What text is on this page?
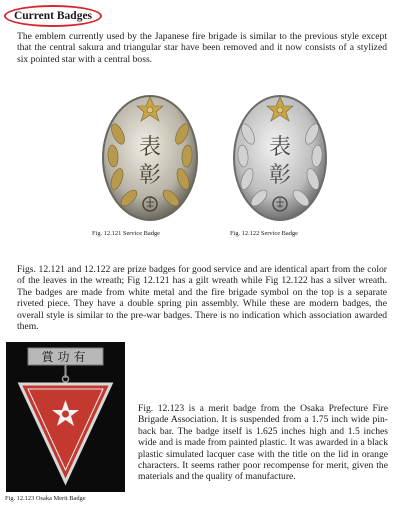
Current Badges

The emblem currently used by the Japanese fire brigade is similar to the previous style except that the central sakura and triangular star have been removed and it now consists of a stylized six pointed star with a central boss.

表
彰
Fig. 12.121 Service Badge
表
彰
Fig. 12.122 Service Badge

Figs. 12.121 and 12.122 are prize badges for good service and are identical apart from the color of the leaves in the wreath; Fig 12.121 has a gilt wreath while Fig 12.122 has a silver wreath. The badges are made from white metal and the fire brigade symbol on the top is a separate riveted piece. They have a double spring pin assembly. While these are modern badges, the overall style is similar to the pre-war badges. There is no indication which association awarded them.

賞功有
Fig. 12.123 Osaka Merit Badge

Fig. 12.123 is a merit badge from the Osaka Prefecture Fire Brigade Association. It is suspended from a 1.75 inch wide pin-back bar. The badge itself is 1.625 inches high and 1.5 inches wide and is made from painted plastic. It was awarded in a black plastic simulated lacquer case with the title on the lid in orange characters. It seems rather poor recompense for merit, given the materials and the quality of manufacture.
